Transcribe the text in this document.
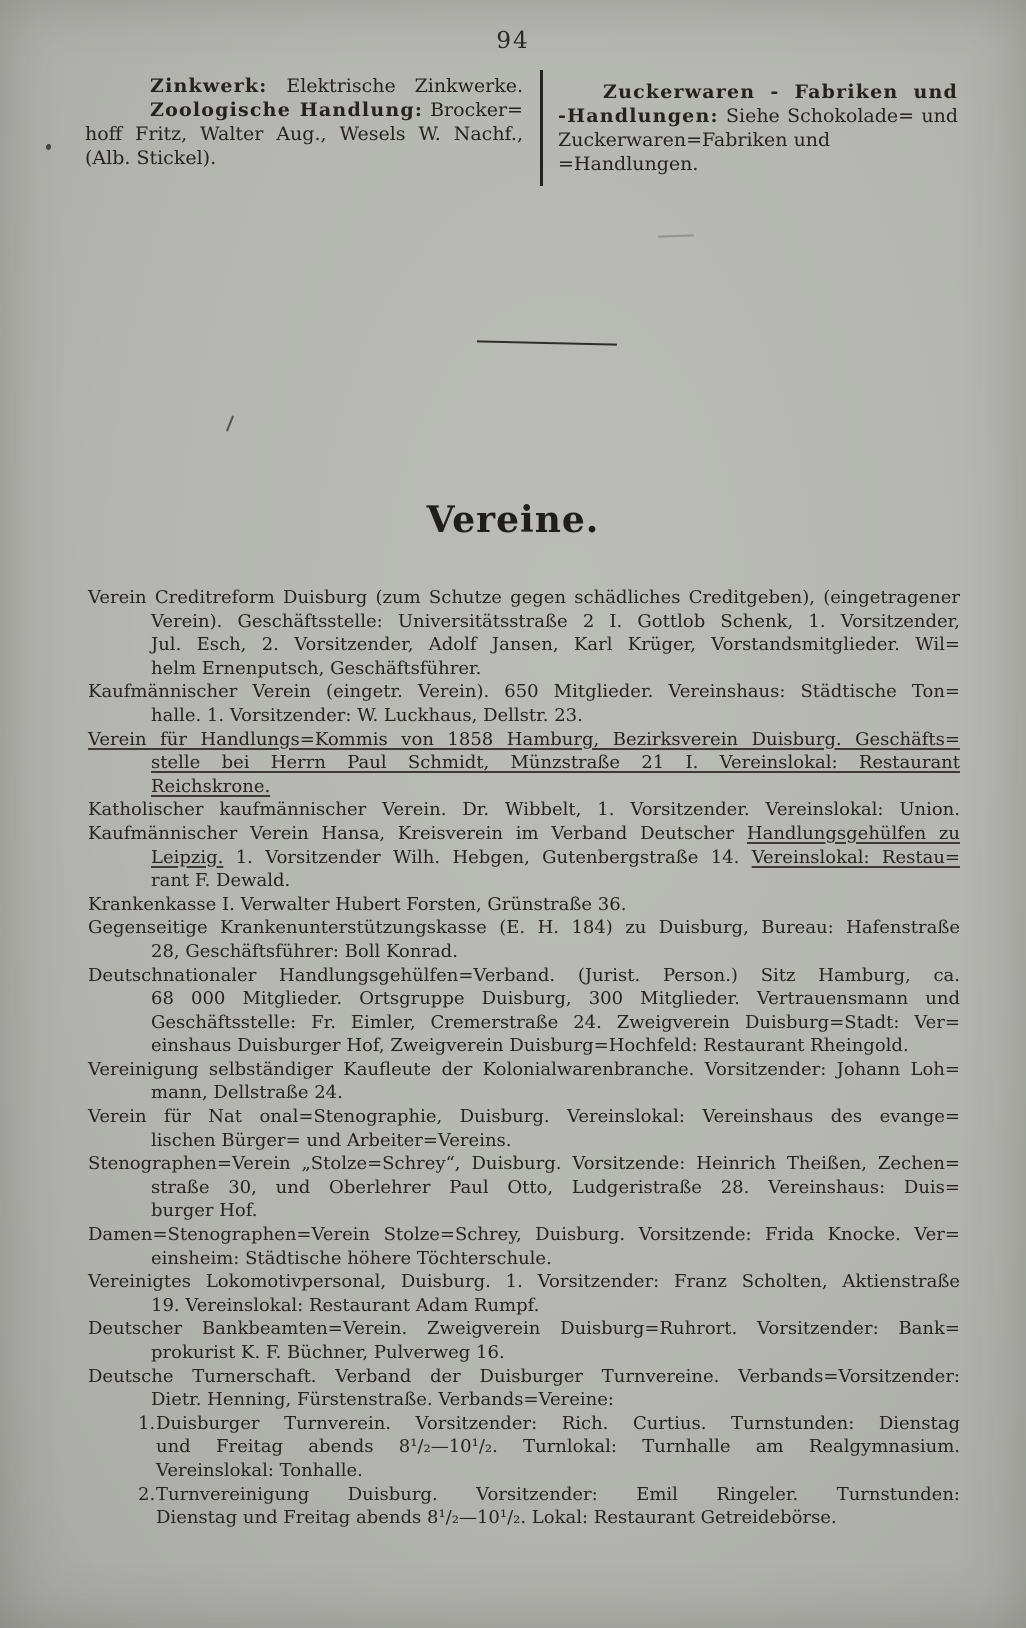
94
Zinkwerk: Elektrische Zinkwerke.
Zoologische Handlung: Brocker=
hoff Fritz, Walter Aug., Wesels W. Nachf.,
(Alb. Stickel).
Zuckerwaren - Fabriken und
-Handlungen: Siehe Schokolade= und
Zuckerwaren=Fabriken und =Handlungen.
Vereine.
Verein Creditreform Duisburg (zum Schutze gegen schädliches Creditgeben), (eingetragener
Verein). Geschäftsstelle: Universitätsstraße 2 I. Gottlob Schenk, 1. Vorsitzender,
Jul. Esch, 2. Vorsitzender, Adolf Jansen, Karl Krüger, Vorstandsmitglieder. Wil=
helm Ernenputsch, Geschäftsführer.
Kaufmännischer Verein (eingetr. Verein). 650 Mitglieder. Vereinshaus: Städtische Ton=
halle. 1. Vorsitzender: W. Luckhaus, Dellstr. 23.
Verein für Handlungs=Kommis von 1858 Hamburg, Bezirksverein Duisburg. Geschäfts=
stelle bei Herrn Paul Schmidt, Münzstraße 21 I. Vereinslokal: Restaurant
Reichskrone.
Katholischer kaufmännischer Verein. Dr. Wibbelt, 1. Vorsitzender. Vereinslokal: Union.
Kaufmännischer Verein Hansa, Kreisverein im Verband Deutscher Handlungsgehülfen zu
Leipzig. 1. Vorsitzender Wilh. Hebgen, Gutenbergstraße 14. Vereinslokal: Restau=
rant F. Dewald.
Krankenkasse I. Verwalter Hubert Forsten, Grünstraße 36.
Gegenseitige Krankenunterstützungskasse (E. H. 184) zu Duisburg, Bureau: Hafenstraße
28, Geschäftsführer: Boll Konrad.
Deutschnationaler Handlungsgehülfen=Verband. (Jurist. Person.) Sitz Hamburg, ca.
68 000 Mitglieder. Ortsgruppe Duisburg, 300 Mitglieder. Vertrauensmann und
Geschäftsstelle: Fr. Eimler, Cremerstraße 24. Zweigverein Duisburg=Stadt: Ver=
einshaus Duisburger Hof, Zweigverein Duisburg=Hochfeld: Restaurant Rheingold.
Vereinigung selbständiger Kaufleute der Kolonialwarenbranche. Vorsitzender: Johann Loh=
mann, Dellstraße 24.
Verein für Nat onal=Stenographie, Duisburg. Vereinslokal: Vereinshaus des evange=
lischen Bürger= und Arbeiter=Vereins.
Stenographen=Verein „Stolze=Schrey“, Duisburg. Vorsitzende: Heinrich Theißen, Zechen=
straße 30, und Oberlehrer Paul Otto, Ludgeristraße 28. Vereinshaus: Duis=
burger Hof.
Damen=Stenographen=Verein Stolze=Schrey, Duisburg. Vorsitzende: Frida Knocke. Ver=
einsheim: Städtische höhere Töchterschule.
Vereinigtes Lokomotivpersonal, Duisburg. 1. Vorsitzender: Franz Scholten, Aktienstraße
19. Vereinslokal: Restaurant Adam Rumpf.
Deutscher Bankbeamten=Verein. Zweigverein Duisburg=Ruhrort. Vorsitzender: Bank=
prokurist K. F. Büchner, Pulverweg 16.
Deutsche Turnerschaft. Verband der Duisburger Turnvereine. Verbands=Vorsitzender:
Dietr. Henning, Fürstenstraße. Verbands=Vereine:
1. Duisburger Turnverein. Vorsitzender: Rich. Curtius. Turnstunden: Dienstag
und Freitag abends 8¹/₂—10¹/₂. Turnlokal: Turnhalle am Realgymnasium.
Vereinslokal: Tonhalle.
2. Turnvereinigung Duisburg. Vorsitzender: Emil Ringeler. Turnstunden:
Dienstag und Freitag abends 8¹/₂—10¹/₂. Lokal: Restaurant Getreidebörse.
